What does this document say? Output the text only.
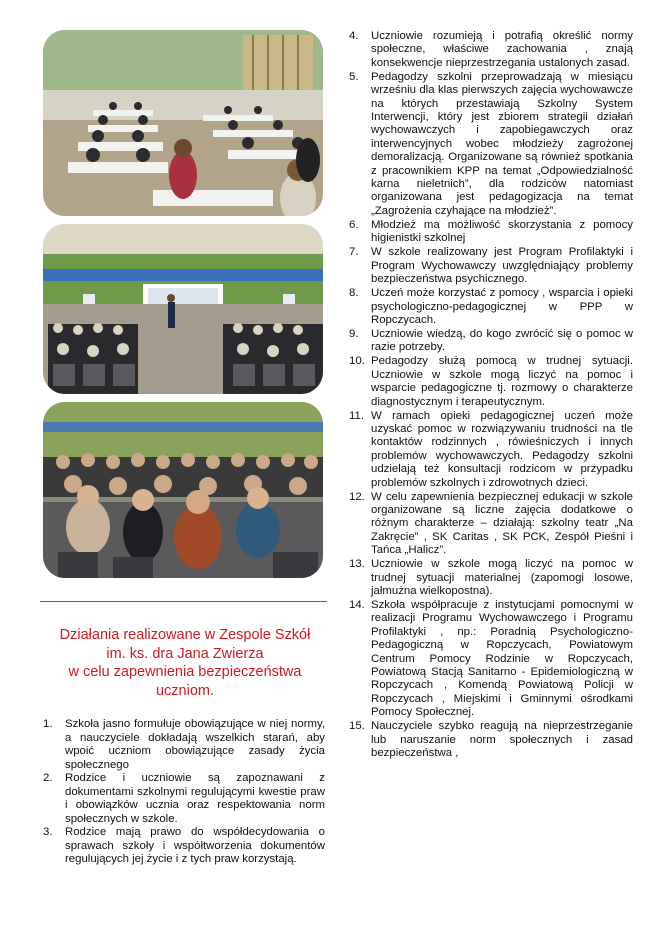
Działania realizowane w Zespole Szkół
im. ks. dra Jana Zwierza
w celu zapewnienia bezpieczeństwa
uczniom.
1. Szkoła jasno formułuje obowiązujące w niej normy, a nauczyciele dokładają wszelkich starań, aby wpoić uczniom obowiązujące zasady życia społecznego
2. Rodzice i uczniowie są zapoznawani z dokumentami szkolnymi regulującymi kwestie praw i obowiązków ucznia oraz respektowania norm społecznych w szkole.
3. Rodzice mają prawo do współdecydowania o sprawach szkoły i współtworzenia dokumentów regulujących jej życie i z tych praw korzystają.
4. Uczniowie rozumieją i potrafią określić normy społeczne, właściwe zachowania , znają konsekwencje nieprzestrzegania ustalonych zasad.
5. Pedagodzy szkolni przeprowadzają w miesiącu wrześniu dla klas pierwszych zajęcia wychowawcze na których przestawiają Szkolny System Interwencji, który jest zbiorem strategii działań wychowawczych i zapobiegawczych oraz interwencyjnych wobec młodzieży zagrożonej demoralizacją. Organizowane są również spotkania z pracownikiem KPP na temat „Odpowiedzialność karna nieletnich”, dla rodziców natomiast organizowana jest pedagogizacja na temat „Zagrożenia czyhające na młodzież”.
6. Młodzież ma możliwość skorzystania z pomocy higienistki szkolnej
7. W szkole realizowany jest Program Profilaktyki i Program Wychowawczy uwzględniający problemy bezpieczeństwa psychicznego.
8. Uczeń może korzystać z pomocy , wsparcia i opieki psychologiczno-pedagogicznej w PPP w Ropczycach.
9. Uczniowie wiedzą, do kogo zwrócić się o pomoc w razie potrzeby.
10. Pedagodzy służą pomocą w trudnej sytuacji. Uczniowie w szkole mogą liczyć na pomoc i wsparcie pedagogiczne tj. rozmowy o charakterze diagnostycznym i terapeutycznym.
11. W ramach opieki pedagogicznej uczeń może uzyskać pomoc w rozwiązywaniu trudności na tle kontaktów rodzinnych , rówieśniczych i innych problemów wychowawczych. Pedagodzy szkolni udzielają też konsultacji rodzicom w przypadku problemów szkolnych i zdrowotnych dzieci.
12. W celu zapewnienia bezpiecznej edukacji w szkole organizowane są liczne zajęcia dodatkowe o różnym charakterze – działają: szkolny teatr „Na Zakręcie” , SK Caritas , SK PCK, Zespół Pieśni i Tańca „Halicz”.
13. Uczniowie w szkole mogą liczyć na pomoc w trudnej sytuacji materialnej (zapomogi losowe, jałmużna wielkopostna).
14. Szkoła współpracuje z instytucjami pomocnymi w realizacji Programu Wychowawczego i Programu Profilaktyki , np.: Poradnią Psychologiczno- Pedagogiczną w Ropczycach, Powiatowym Centrum Pomocy Rodzinie w Ropczycach, Powiatową Stacją Sanitarno - Epidemiologiczną w Ropczycach , Komendą Powiatową Policji w Ropczycach , Miejskimi i Gminnymi ośrodkami Pomocy Społecznej.
15. Nauczyciele szybko reagują na nieprzestrzeganie lub naruszanie norm społecznych i zasad bezpieczeństwa ,
